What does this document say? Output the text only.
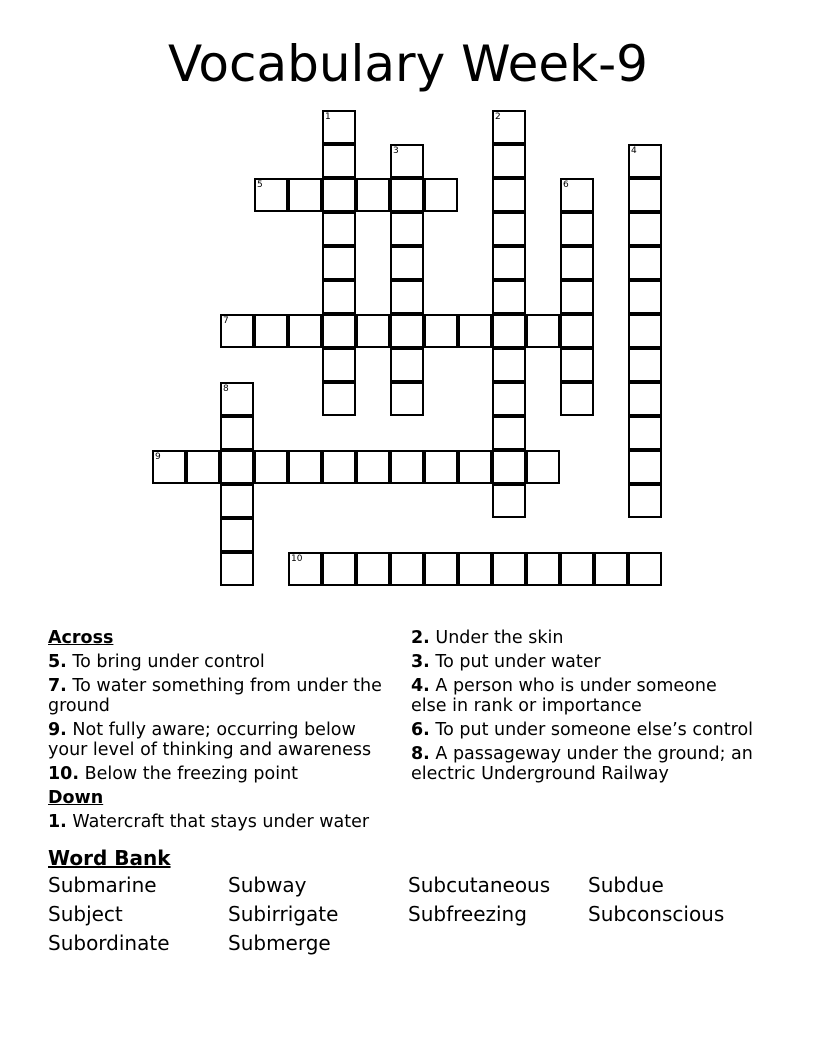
Vocabulary Week-9
1	2
3	4
5	6
7
8
9
10
Across
5. To bring under control
7. To water something from under the ground
9. Not fully aware; occurring below your level of thinking and awareness
10. Below the freezing point
Down
1. Watercraft that stays under water
2. Under the skin
3. To put under water
4. A person who is under someone else in rank or importance
6. To put under someone else’s control
8. A passageway under the ground; an electric Underground Railway
Word Bank
Submarine	Subway	Subcutaneous	Subdue
Subject	Subirrigate	Subfreezing	Subconscious
Subordinate	Submerge
